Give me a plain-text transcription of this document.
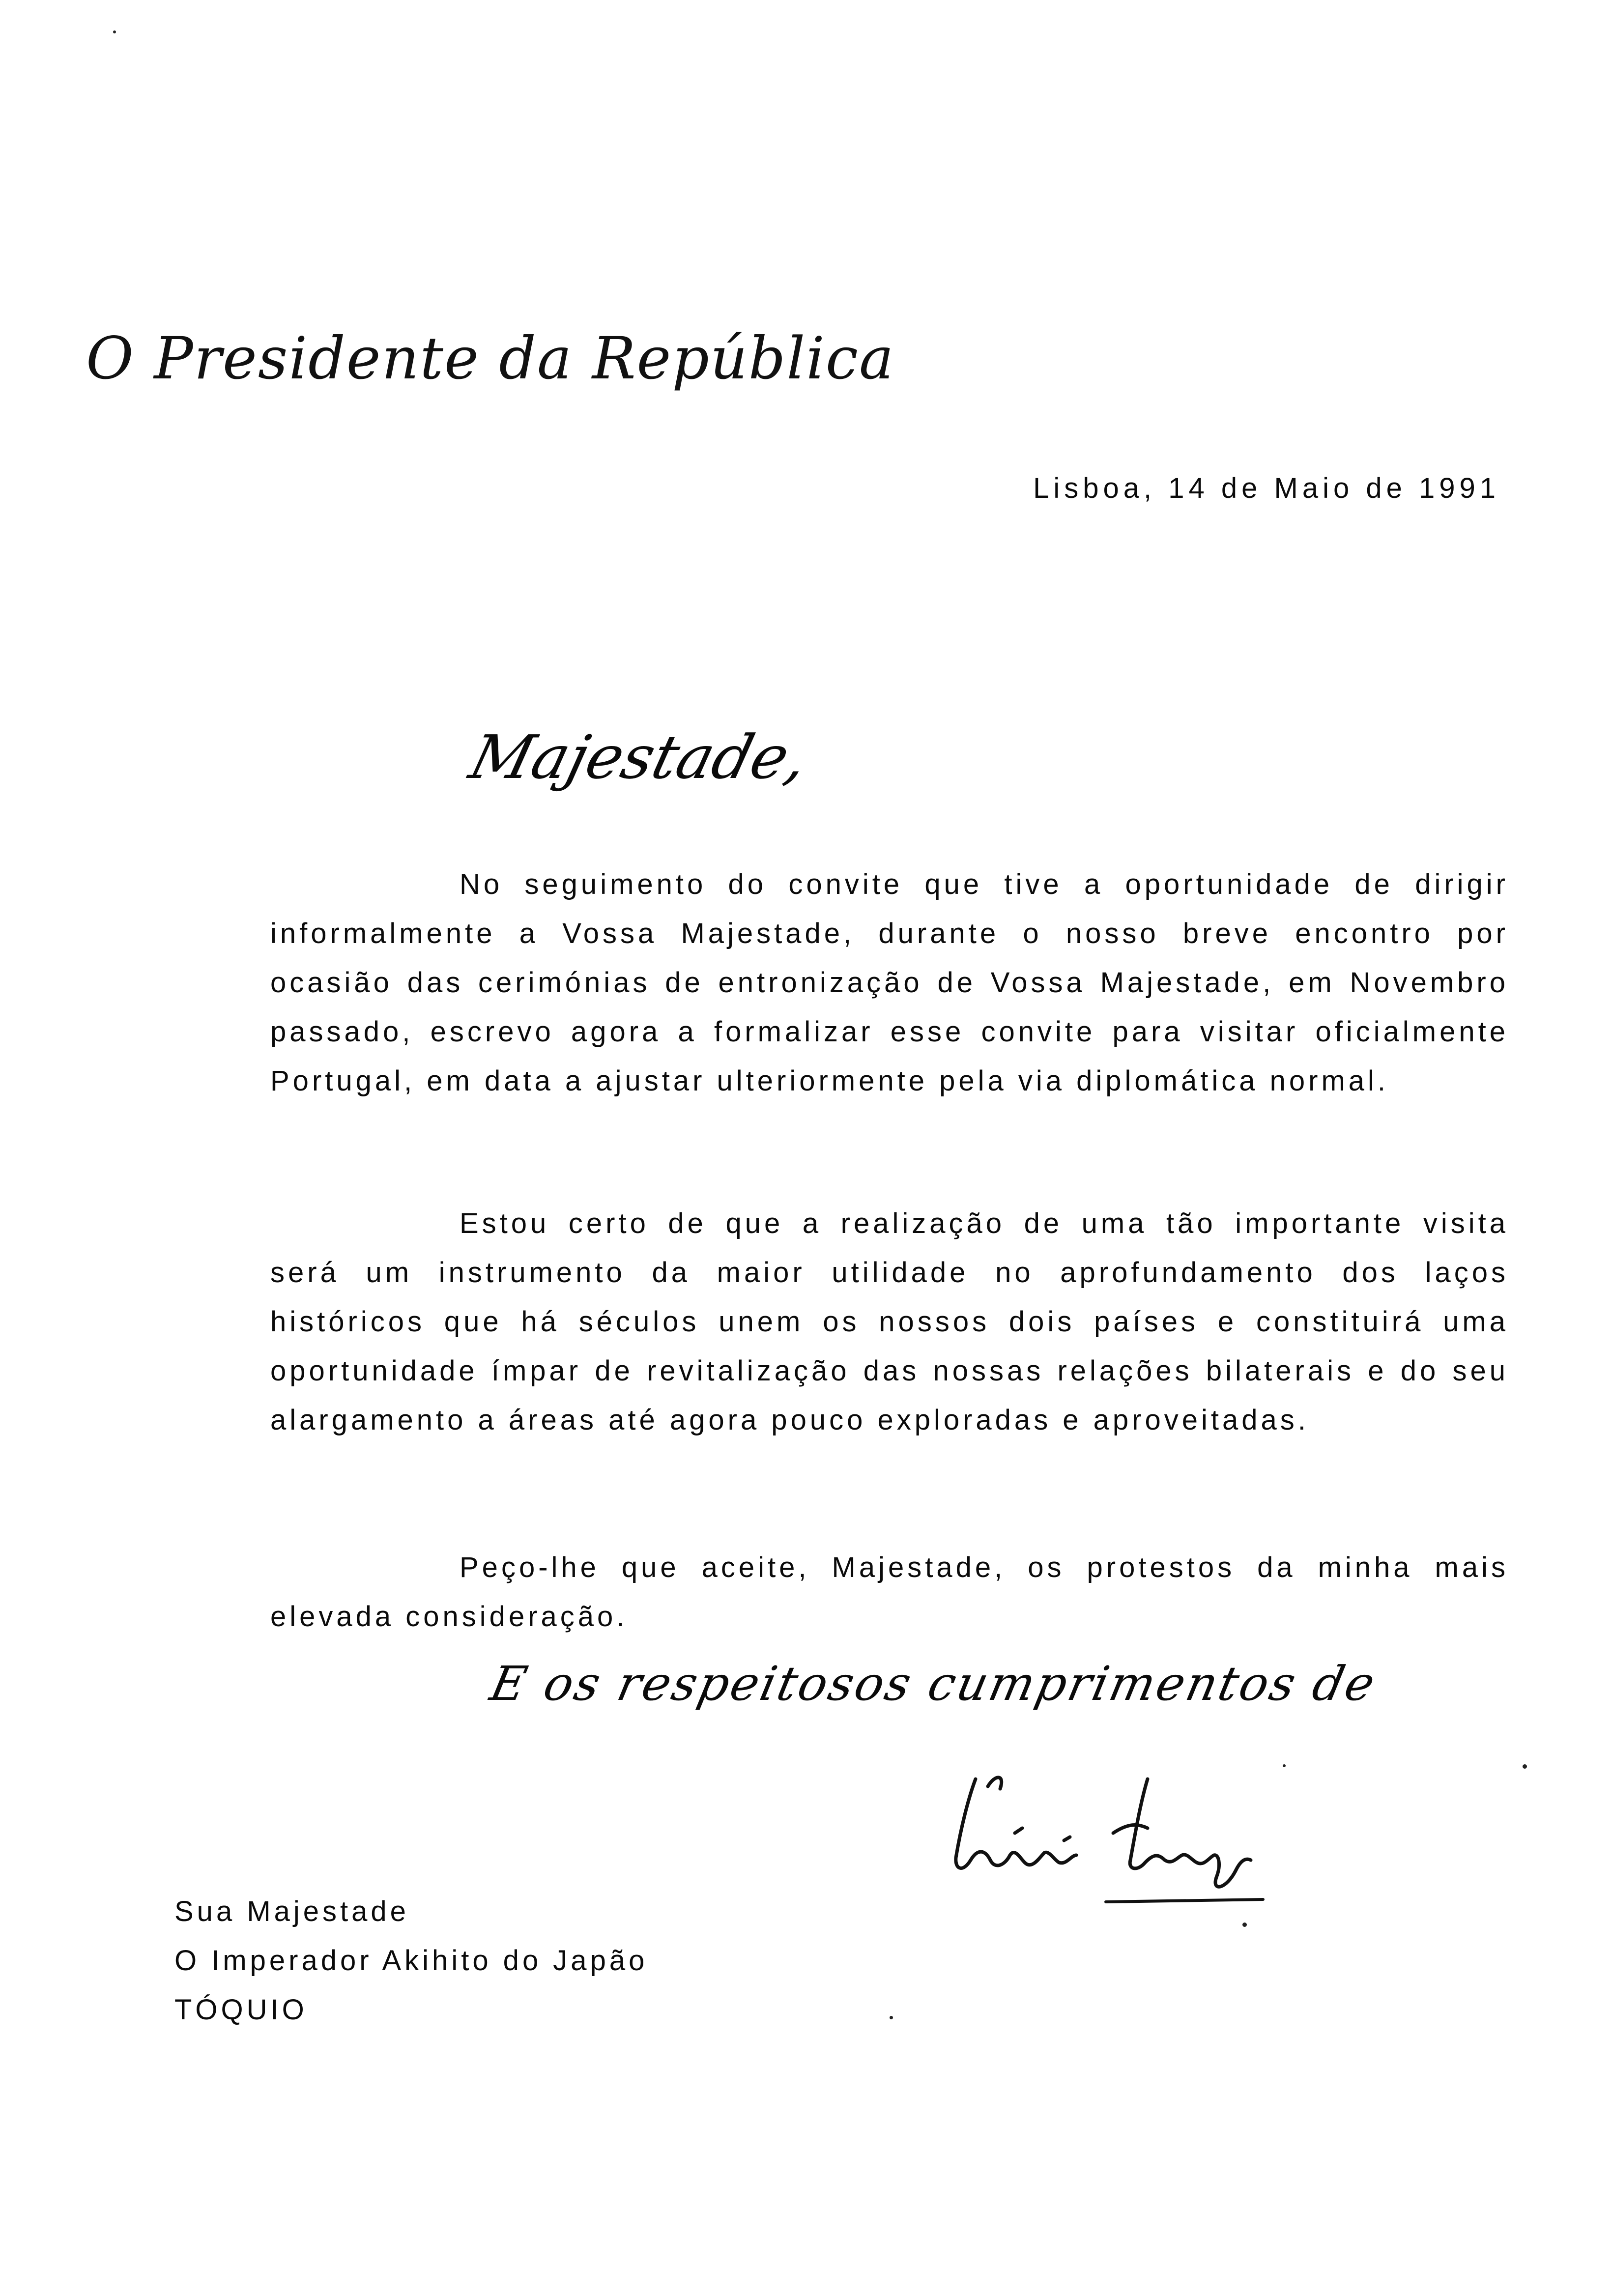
O Presidente da República
Lisboa, 14 de Maio de 1991
Majestade,
No seguimento do convite que tive a oportunidade de dirigir informalmente a Vossa Majestade, durante o nosso breve encontro por ocasião das cerimónias de entronização de Vossa Majestade, em Novembro passado, escrevo agora a formalizar esse convite para visitar oficialmente Portugal, em data a ajustar ulteriormente pela via diplomática normal.
Estou certo de que a realização de uma tão importante visita será um instrumento da maior utilidade no aprofundamento dos laços históricos que há séculos unem os nossos dois países e constituirá uma oportunidade ímpar de revitalização das nossas relações bilaterais e do seu alargamento a áreas até agora pouco exploradas e aproveitadas.
Peço-lhe que aceite, Majestade, os protestos da minha mais elevada consideração.
E os respeitosos cumprimentos de
Sua Majestade
O Imperador Akihito do Japão
TÓQUIO
